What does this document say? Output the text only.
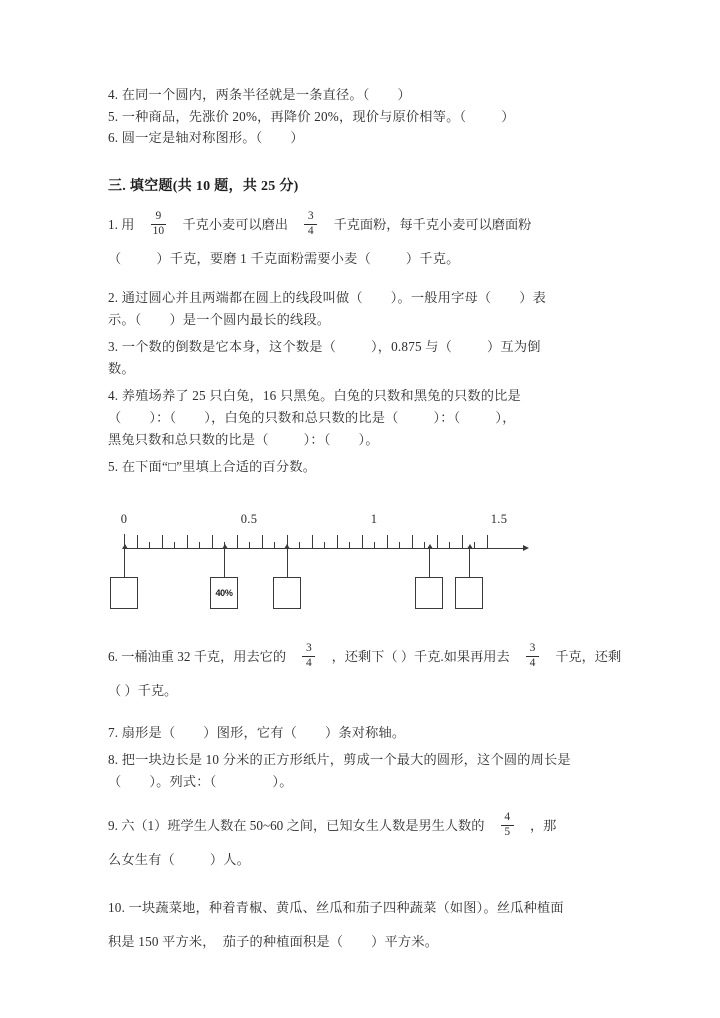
4. 在同一个圆内，两条半径就是一条直径。（        ）
5. 一种商品，先涨价 20%，再降价 20%，现价与原价相等。（          ）
6. 圆一定是轴对称图形。（        ）
三. 填空题(共 10 题，共 25 分)
1. 用 $\frac{9}{10}$ 千克小麦可以磨出 $\frac{3}{4}$ 千克面粉，每千克小麦可以磨面粉
（          ）千克，要磨 1 千克面粉需要小麦（          ）千克。
2. 通过圆心并且两端都在圆上的线段叫做（        ）。一般用字母（        ）表
示。（        ）是一个圆内最长的线段。
3. 一个数的倒数是它本身，这个数是（          ），0.875 与（          ）互为倒
数。
4. 养殖场养了 25 只白兔，16 只黑兔。白兔的只数和黑兔的只数的比是
（        ）：（        ），白兔的只数和总只数的比是（          ）：（          ），
黑兔只数和总只数的比是（          ）：（        ）。
5. 在下面“□”里填上合适的百分数。
0	0.5	1	1.5
40%
6. 一桶油重 32 千克，用去它的 $\frac{3}{4}$ ，还剩下（ ）千克.如果再用去 $\frac{3}{4}$ 千克，还剩（ ）千克。
7. 扇形是（        ）图形，它有（        ）条对称轴。
8. 把一块边长是 10 分米的正方形纸片，剪成一个最大的圆形，这个圆的周长是
（        ）。列式：（                ）。
9. 六（1）班学生人数在 50~60 之间，已知女生人数是男生人数的 $\frac{4}{5}$ ，那
么女生有（          ）人。
10. 一块蔬菜地，种着青椒、黄瓜、丝瓜和茄子四种蔬菜（如图）。丝瓜种植面
积是 150 平方米，  茄子的种植面积是（        ）平方米。
